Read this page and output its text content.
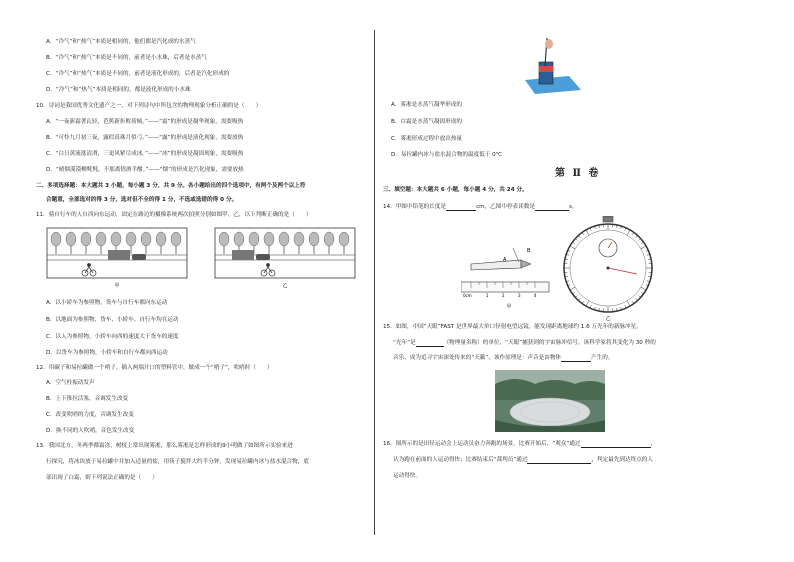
A．“冷气”和“热气”本质是相同的，他们都是汽化成的水蒸气
B．“冷气”和“热气”本质是不同的，前者是小水珠，后者是水蒸气
C．“冷气”和“热气”本质是不同的，前者是液化形成的，后者是汽化形成的
D．“冷气”和“热气”本质是相同的，都是液化形成的小水珠
10．诗词是我国优秀文化遗产之一，对下列诗句中所包含的物理现象分析正确的是（　　）
A．“一夜新霜著瓦轻，芭蕉新折败荷倾。”——“霜”的形成是凝华现象，需要吸热
B．“可怜九月初三夜，露似真珠月似弓。”——“露”的形成是液化现象，需要放热
C．“白日黄流涨清渭，三更风紧尽成冰。”——“冰”的形成是凝固现象，需要吸热
D．“晴烟漠漠柳毵毵，不那离情酒半酣。”——“烟”的形成是汽化现象，需要放热
二、多项选择题：本大题共 3 小题，每小题 3 分，共 9 分。各小题给出的四个选项中，有两个及两个以上符
合题意，全部选对的得 3 分，选对但不全的得 1 分，不选或选错的得 0 分。
11．骑自行车的人自西向东运动，固定在路边的摄像系统两次拍照分别如图甲、乙，以下判断正确的是（　　）
甲	乙
A．以小轿车为参照物，货车与自行车都向东运动
B．以地面为参照物，货车、小轿车、自行车均在运动
C．以人为参照物，小轿车向西的速度大于货车的速度
D．以货车为参照物，小轿车和自行车都向西运动
12．用碳子和易拉罐做一个哨子，插入两端开口的塑料管中，做成一个“哨子”，吹哨时（　　）
A．空气柱振动发声
B．上下推拉活塞，音调发生改变
C．改变吹哨的力度，音调发生改变
D．换不同的人吹哨，音色发生改变
13．我国北方，冬两季都霜冻，树枝上常出现雾凇，那么雾凇是怎样形成的9小明做了如图所示实验来进
行探究，将冰块放于易拉罐中并加入适量的盐，用筷子搅拌大约半分钟，发现易拉罐内冰与盐水混合物，底
部出现了白霜，则下列说法正确的是（　　）
A．雾凇是水蒸气凝华形成的
B．白霜是水蒸气凝固形成的
C．雾凇形成过程中放出热量
D．易拉罐内冰与盐水混合物的温度低于 0℃
第 Ⅱ 卷
三、填空题：本大题共 6 小题，每小题 4 分，共 24 分。
14．甲图中铅笔的长度是	cm，乙图中停表读数是	s。
A
B
0cm	1	2	3	4
甲
乙
15．如图，中国“天眼”FAST 是世界最大单口径射电望远镜，能发现距离地球约 1.6 万光年的新脉冲星，
“光年”是	（物理量名称）的单位，“天眼”捕获到的宇宙脉冲信号，该科学家将其变化为 30 秒的
音乐，成为追寻宇宙深处传来的“天籁”，该作原理是：声音是由物体	产生的。
16．图所示的是田径运动会上运动员奋力奔跑的场景，比赛开始后，“观众”通过	，
认为跑在前面的人运动得快；比赛结束后“裁判员”通过	，判定最先到达终点的人
运动得快。
